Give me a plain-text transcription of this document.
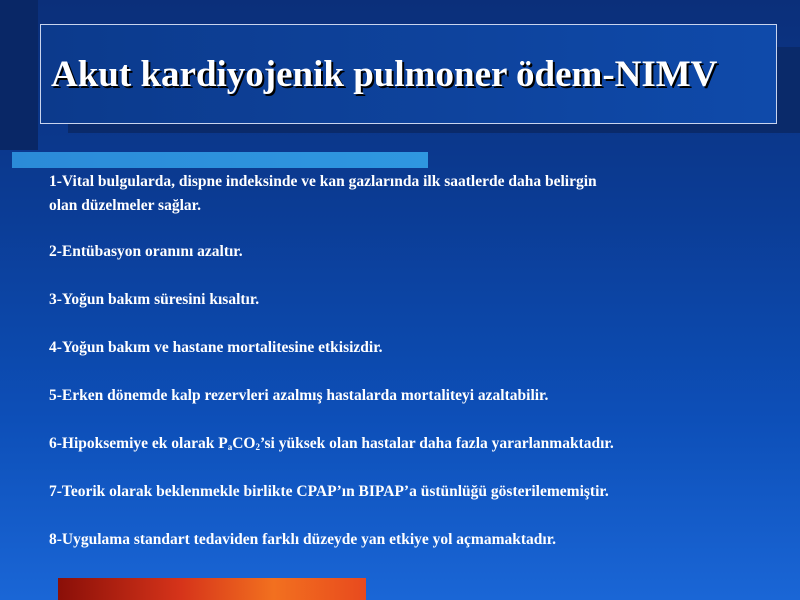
Akut kardiyojenik pulmoner ödem-NIMV
1-Vital bulgularda, dispne indeksinde ve kan gazlarında ilk saatlerde daha belirgin
olan düzelmeler sağlar.
2-Entübasyon oranını azaltır.
3-Yoğun bakım süresini kısaltır.
4-Yoğun bakım ve hastane mortalitesine etkisizdir.
5-Erken dönemde kalp rezervleri azalmış hastalarda mortaliteyi azaltabilir.
6-Hipoksemiye ek olarak $P_aCO_2’si$ yüksek olan hastalar daha fazla yararlanmaktadır.
7-Teorik olarak beklenmekle birlikte CPAP’ın BIPAP’a üstünlüğü gösterilememiştir.
8-Uygulama standart tedaviden farklı düzeyde yan etkiye yol açmamaktadır.
